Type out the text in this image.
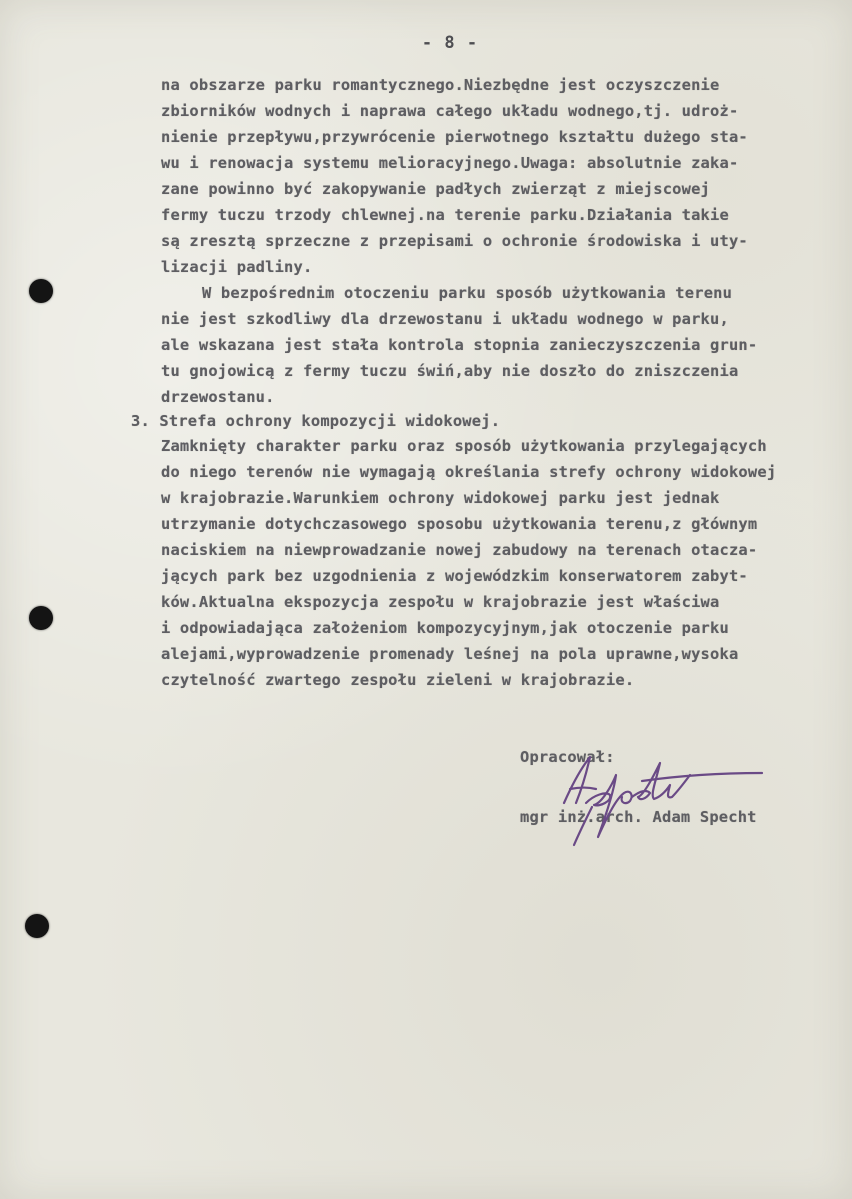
- 8 -
na obszarze parku romantycznego.Niezbędne jest oczyszczenie
zbiorników wodnych i naprawa całego układu wodnego,tj. udroż-
nienie przepływu,przywrócenie pierwotnego kształtu dużego sta-
wu i renowacja systemu melioracyjnego.Uwaga: absolutnie zaka-
zane powinno być zakopywanie padłych zwierząt z miejscowej
fermy tuczu trzody chlewnej.na terenie parku.Działania takie
są zresztą sprzeczne z przepisami o ochronie środowiska i uty-
lizacji padliny.
W bezpośrednim otoczeniu parku sposób użytkowania terenu
nie jest szkodliwy dla drzewostanu i układu wodnego w parku,
ale wskazana jest stała kontrola stopnia zanieczyszczenia grun-
tu gnojowicą z fermy tuczu świń,aby nie doszło do zniszczenia
drzewostanu.
3. Strefa ochrony kompozycji widokowej.
Zamknięty charakter parku oraz sposób użytkowania przylegających
do niego terenów nie wymagają określania strefy ochrony widokowej
w krajobrazie.Warunkiem ochrony widokowej parku jest jednak
utrzymanie dotychczasowego sposobu użytkowania terenu,z głównym
naciskiem na niewprowadzanie nowej zabudowy na terenach otacza-
jących park bez uzgodnienia z wojewódzkim konserwatorem zabyt-
ków.Aktualna ekspozycja zespołu w krajobrazie jest właściwa
i odpowiadająca założeniom kompozycyjnym,jak otoczenie parku
alejami,wyprowadzenie promenady leśnej na pola uprawne,wysoka
czytelność zwartego zespołu zieleni w krajobrazie.
Opracował:
mgr inż.arch. Adam Specht
